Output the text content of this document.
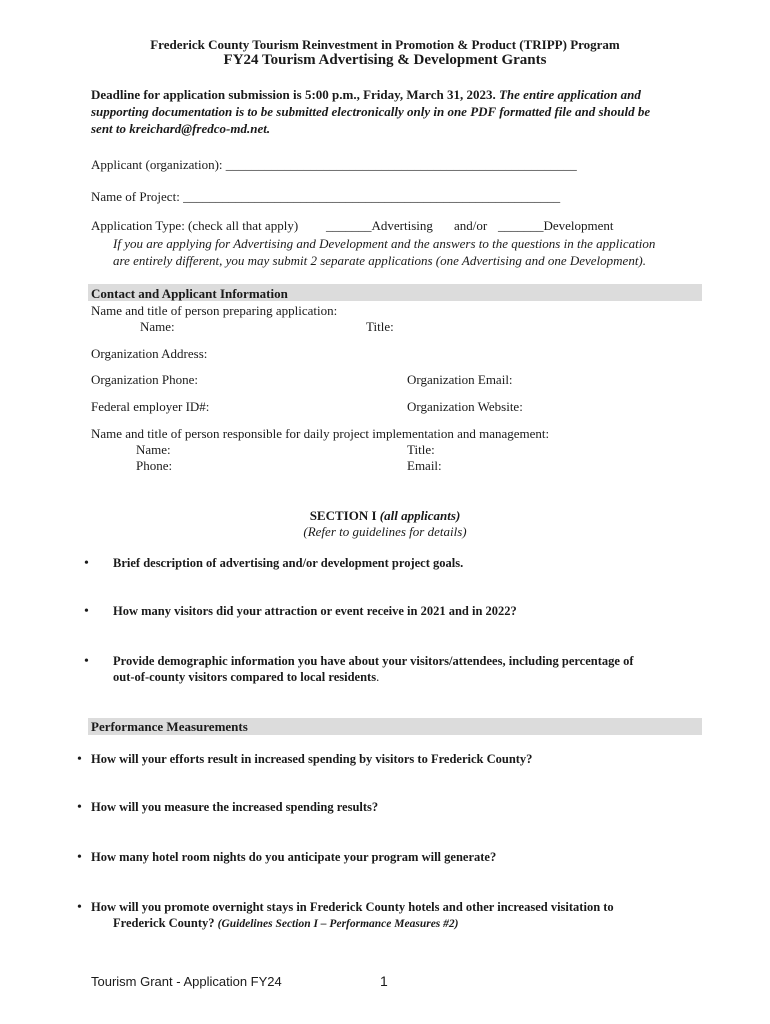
Frederick County Tourism Reinvestment in Promotion & Product (TRIPP) Program
FY24 Tourism Advertising & Development Grants
Deadline for application submission is 5:00 p.m., Friday, March 31, 2023. The entire application and
supporting documentation is to be submitted electronically only in one PDF formatted file and should be
sent to kreichard@fredco-md.net.
Applicant (organization): ______________________________________________________
Name of Project: __________________________________________________________
Application Type: (check all that apply) _______Advertising and/or _______Development
If you are applying for Advertising and Development and the answers to the questions in the application
are entirely different, you may submit 2 separate applications (one Advertising and one Development).
Contact and Applicant Information
Name and title of person preparing application:
Name:	Title:
Organization Address:
Organization Phone:	Organization Email:
Federal employer ID#:	Organization Website:
Name and title of person responsible for daily project implementation and management:
Name:	Title:
Phone:	Email:
SECTION I (all applicants)
(Refer to guidelines for details)
• Brief description of advertising and/or development project goals.
• How many visitors did your attraction or event receive in 2021 and in 2022?
• Provide demographic information you have about your visitors/attendees, including percentage of
out-of-county visitors compared to local residents.
Performance Measurements
• How will your efforts result in increased spending by visitors to Frederick County?
• How will you measure the increased spending results?
• How many hotel room nights do you anticipate your program will generate?
• How will you promote overnight stays in Frederick County hotels and other increased visitation to
Frederick County? (Guidelines Section I – Performance Measures #2)
Tourism Grant - Application FY24	1
